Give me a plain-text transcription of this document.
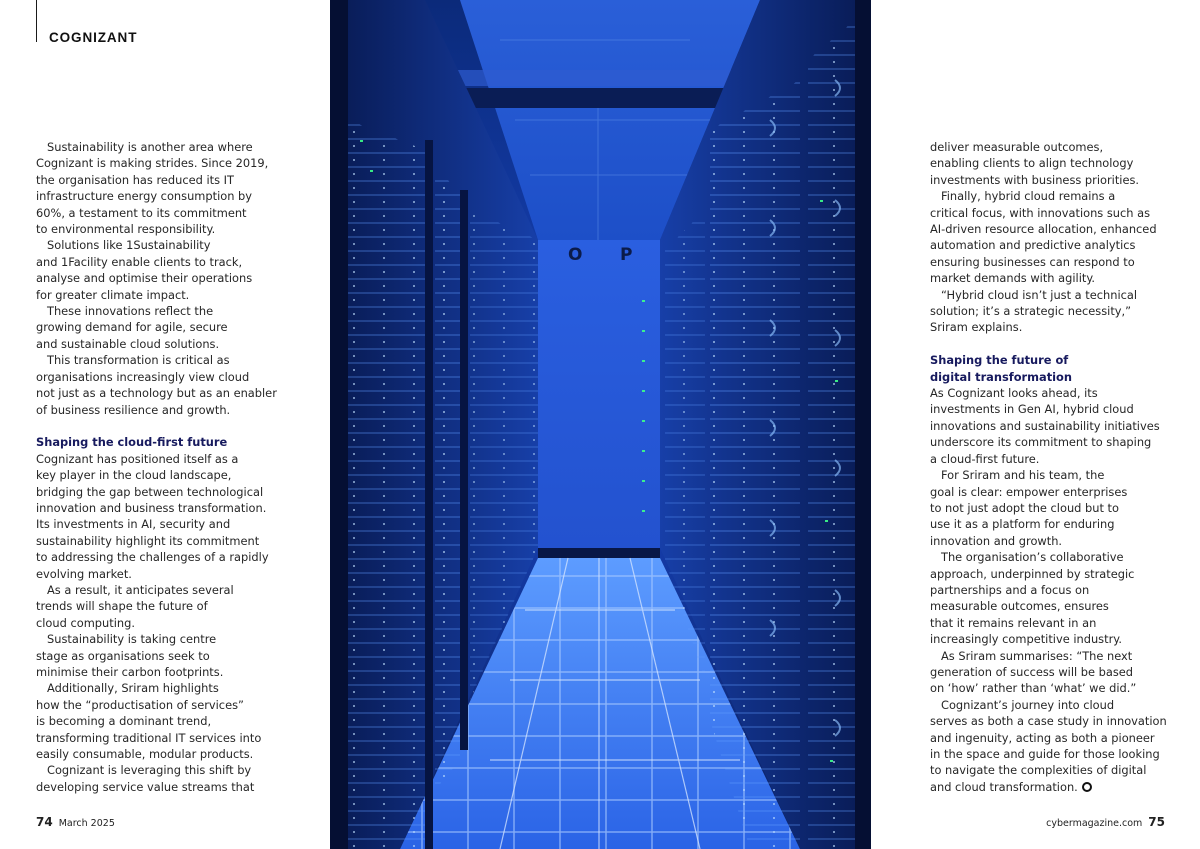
COGNIZANT

Sustainability is another area where

Cognizant is making strides. Since 2019,

the organisation has reduced its IT

infrastructure energy consumption by

60%, a testament to its commitment

to environmental responsibility.

Solutions like 1Sustainability

and 1Facility enable clients to track,

analyse and optimise their operations

for greater climate impact.

These innovations reflect the

growing demand for agile, secure

and sustainable cloud solutions.

This transformation is critical as

organisations increasingly view cloud

not just as a technology but as an enabler

of business resilience and growth.

Shaping the cloud-first future

Cognizant has positioned itself as a

key player in the cloud landscape,

bridging the gap between technological

innovation and business transformation.

Its investments in AI, security and

sustainability highlight its commitment

to addressing the challenges of a rapidly

evolving market.

As a result, it anticipates several

trends will shape the future of

cloud computing.

Sustainability is taking centre

stage as organisations seek to

minimise their carbon footprints.

Additionally, Sriram highlights

how the “productisation of services”

is becoming a dominant trend,

transforming traditional IT services into

easily consumable, modular products.

Cognizant is leveraging this shift by

developing service value streams that

O P

deliver measurable outcomes,

enabling clients to align technology

investments with business priorities.

Finally, hybrid cloud remains a

critical focus, with innovations such as

AI-driven resource allocation, enhanced

automation and predictive analytics

ensuring businesses can respond to

market demands with agility.

“Hybrid cloud isn’t just a technical

solution; it’s a strategic necessity,”

Sriram explains.

Shaping the future of
digital transformation

As Cognizant looks ahead, its

investments in Gen AI, hybrid cloud

innovations and sustainability initiatives

underscore its commitment to shaping

a cloud-first future.

For Sriram and his team, the

goal is clear: empower enterprises

to not just adopt the cloud but to

use it as a platform for enduring

innovation and growth.

The organisation’s collaborative

approach, underpinned by strategic

partnerships and a focus on

measurable outcomes, ensures

that it remains relevant in an

increasingly competitive industry.

As Sriram summarises: “The next

generation of success will be based

on ‘how’ rather than ‘what’ we did.”

Cognizant’s journey into cloud

serves as both a case study in innovation

and ingenuity, acting as both a pioneer

in the space and guide for those looking

to navigate the complexities of digital

and cloud transformation.

74 March 2025	cybermagazine.com 75
